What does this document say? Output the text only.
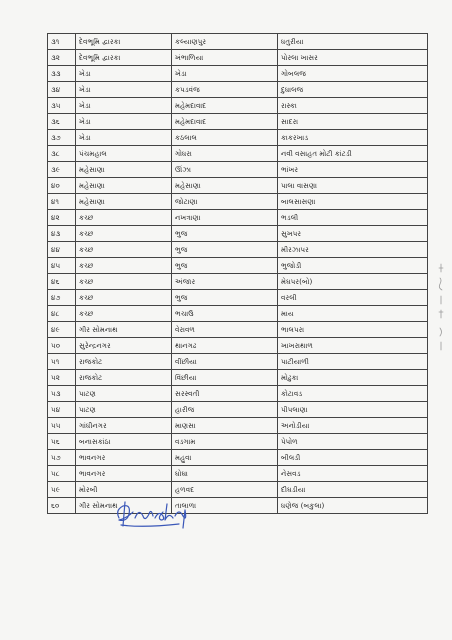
૩૧	દેવભૂમિ દ્વારકા	કલ્યાણપુર	ધતુરીયા
૩૨	દેવભૂમિ દ્વારકા	ખંભાળિયા	પોરલા ખાસર
૩૩	ખેડા	ખેડા	ગોબલજ
૩૪	ખેડા	કપડવંજ	દુધાલજ
૩૫	ખેડા	મહેમદાવાદ	રાસ્કા
૩૬	ખેડા	મહેમદાવાદ	સાદરા
૩૭	ખેડા	કઠલાલ	કાકરખાડ
૩૮	પંચમહાલ	ગોધરા	નવી વસાહત મોટી કાંટડી
૩૯	મહેસાણા	ઊંઝા	ભાંખર
૪૦	મહેસાણા	મહેસાણા	પાલા વાસણા
૪૧	મહેસાણા	જોટાણા	બાલસાસણા
૪૨	કચ્છ	નખત્રાણા	ભડલી
૪૩	કચ્છ	ભુજ	સુખપર
૪૪	કચ્છ	ભુજ	મીરઝાપર
૪૫	કચ્છ	ભુજ	ભુજોડી
૪૬	કચ્છ	અંજાર	મેઘપર(બો)
૪૭	કચ્છ	ભુજ	વરલી
૪૮	કચ્છ	ભચાઉ	માય
૪૯	ગીર સોમનાથ	વેરાવળ	ભાલપરા
૫૦	સુરેન્દ્રનગર	થાનગઢ	ખાખરાથાળ
૫૧	રાજકોટ	વીંછીયા	પાટીયાળી
૫૨	રાજકોટ	વિંછીયા	મોઢુકા
૫૩	પાટણ	સરસ્વતી	કોટાવડ
૫૪	પાટણ	હારીજ	પીપલાણા
૫૫	ગાંધીનગર	માણસા	અનોડીયા
૫૬	બનાસકાંઠા	વડગામ	પેપોળ
૫૭	ભાવનગર	મહુવા	બીલડી
૫૮	ભાવનગર	ઘોઘા	નેસવડ
૫૯	મોરબી	હળવદ	દીઘડીયા
૬૦	ગીર સોમનાથ	તાલાળા	ધણેજ (બકુલા)
